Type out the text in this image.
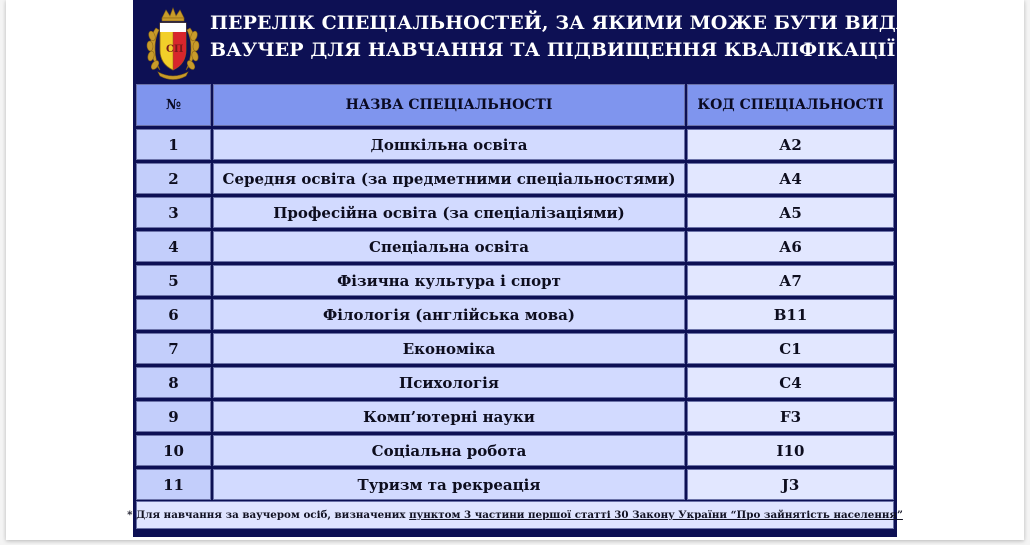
СП
ПЕРЕЛІК СПЕЦІАЛЬНОСТЕЙ, ЗА ЯКИМИ МОЖЕ БУТИ ВИДАНИЙ
ВАУЧЕР ДЛЯ НАВЧАННЯ ТА ПІДВИЩЕННЯ КВАЛІФІКАЦІЇ
№	НАЗВА СПЕЦІАЛЬНОСТІ	КОД СПЕЦІАЛЬНОСТІ
1	Дошкільна освіта	А2
2	Середня освіта (за предметними спеціальностями)	А4
3	Професійна освіта (за спеціалізаціями)	А5
4	Спеціальна освіта	А6
5	Фізична культура і спорт	А7
6	Філологія (англійська мова)	В11
7	Економіка	С1
8	Психологія	С4
9	Комп’ютерні науки	F3
10	Соціальна робота	І10
11	Туризм та рекреація	J3
* Для навчання за ваучером осіб, визначених пунктом 3 частини першої статті 30 Закону України “Про зайнятість населення”
